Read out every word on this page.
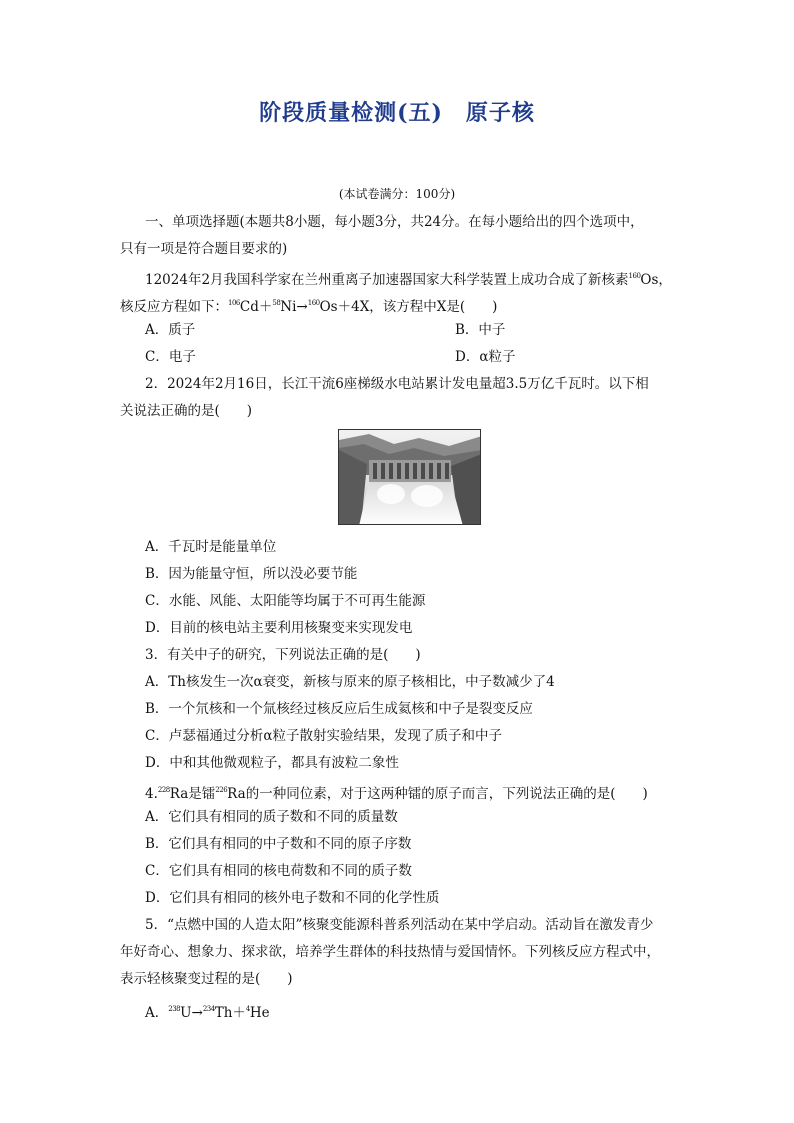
阶段质量检测(五)　原子核
(本试卷满分：100分)
一、单项选择题(本题共8小题，每小题3分，共24分。在每小题给出的四个选项中，
只有一项是符合题目要求的)
12024年2月我国科学家在兰州重离子加速器国家大科学装置上成功合成了新核素$^{160}$Os，
核反应方程如下：$^{106}$Cd＋$^{58}$Ni→$^{160}$Os＋4X，该方程中X是(　　)
A．质子	B．中子
C．电子	D．α粒子
2．2024年2月16日，长江干流6座梯级水电站累计发电量超3.5万亿千瓦时。以下相
关说法正确的是(　　)
A．千瓦时是能量单位
B．因为能量守恒，所以没必要节能
C．水能、风能、太阳能等均属于不可再生能源
D．目前的核电站主要利用核聚变来实现发电
3．有关中子的研究，下列说法正确的是(　　)
A．Th核发生一次α衰变，新核与原来的原子核相比，中子数减少了4
B．一个氘核和一个氚核经过核反应后生成氦核和中子是裂变反应
C．卢瑟福通过分析α粒子散射实验结果，发现了质子和中子
D．中和其他微观粒子，都具有波粒二象性
4.$^{228}$Ra是镭$^{226}$Ra的一种同位素，对于这两种镭的原子而言，下列说法正确的是(　　)
A．它们具有相同的质子数和不同的质量数
B．它们具有相同的中子数和不同的原子序数
C．它们具有相同的核电荷数和不同的质子数
D．它们具有相同的核外电子数和不同的化学性质
5．“点燃中国的人造太阳”核聚变能源科普系列活动在某中学启动。活动旨在激发青少
年好奇心、想象力、探求欲，培养学生群体的科技热情与爱国情怀。下列核反应方程式中，
表示轻核聚变过程的是(　　)
A．$^{238}$U→$^{234}$Th＋$^4$He
